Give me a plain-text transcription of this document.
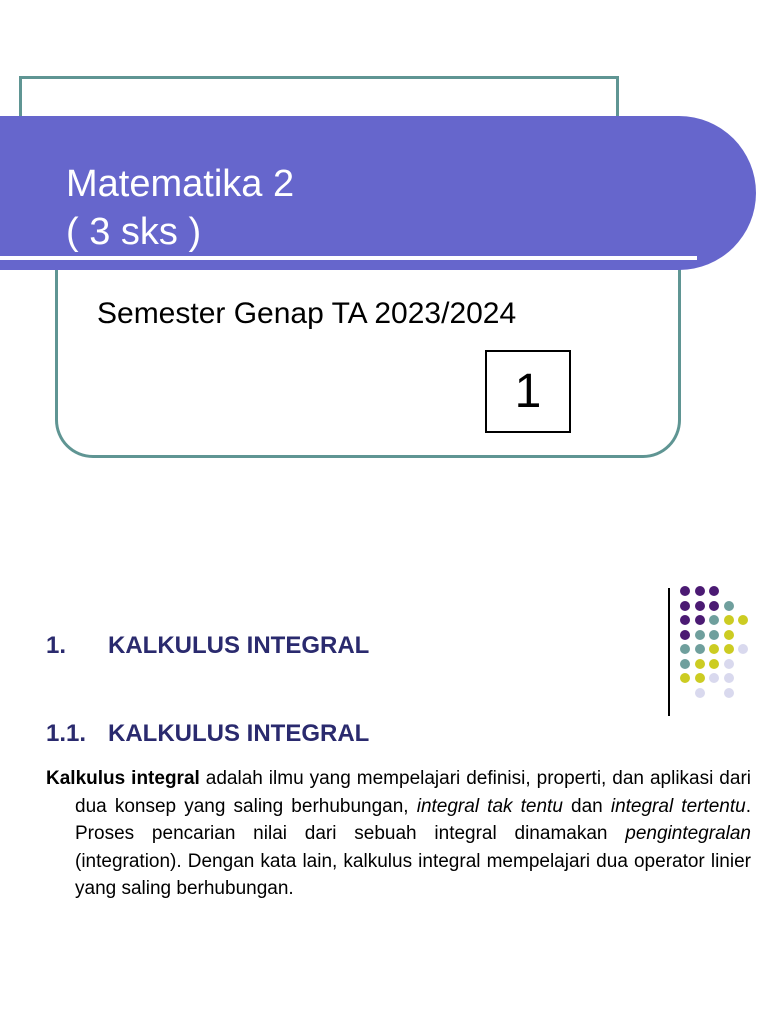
Matematika 2
( 3 sks )
Semester Genap TA 2023/2024
1
1. KALKULUS INTEGRAL
1.1. KALKULUS INTEGRAL

Kalkulus integral adalah ilmu yang mempelajari definisi, properti, dan aplikasi dari dua konsep yang saling berhubungan, integral tak tentu dan integral tertentu. Proses pencarian nilai dari sebuah integral dinamakan pengintegralan (integration). Dengan kata lain, kalkulus integral mempelajari dua operator linier yang saling berhubungan.
